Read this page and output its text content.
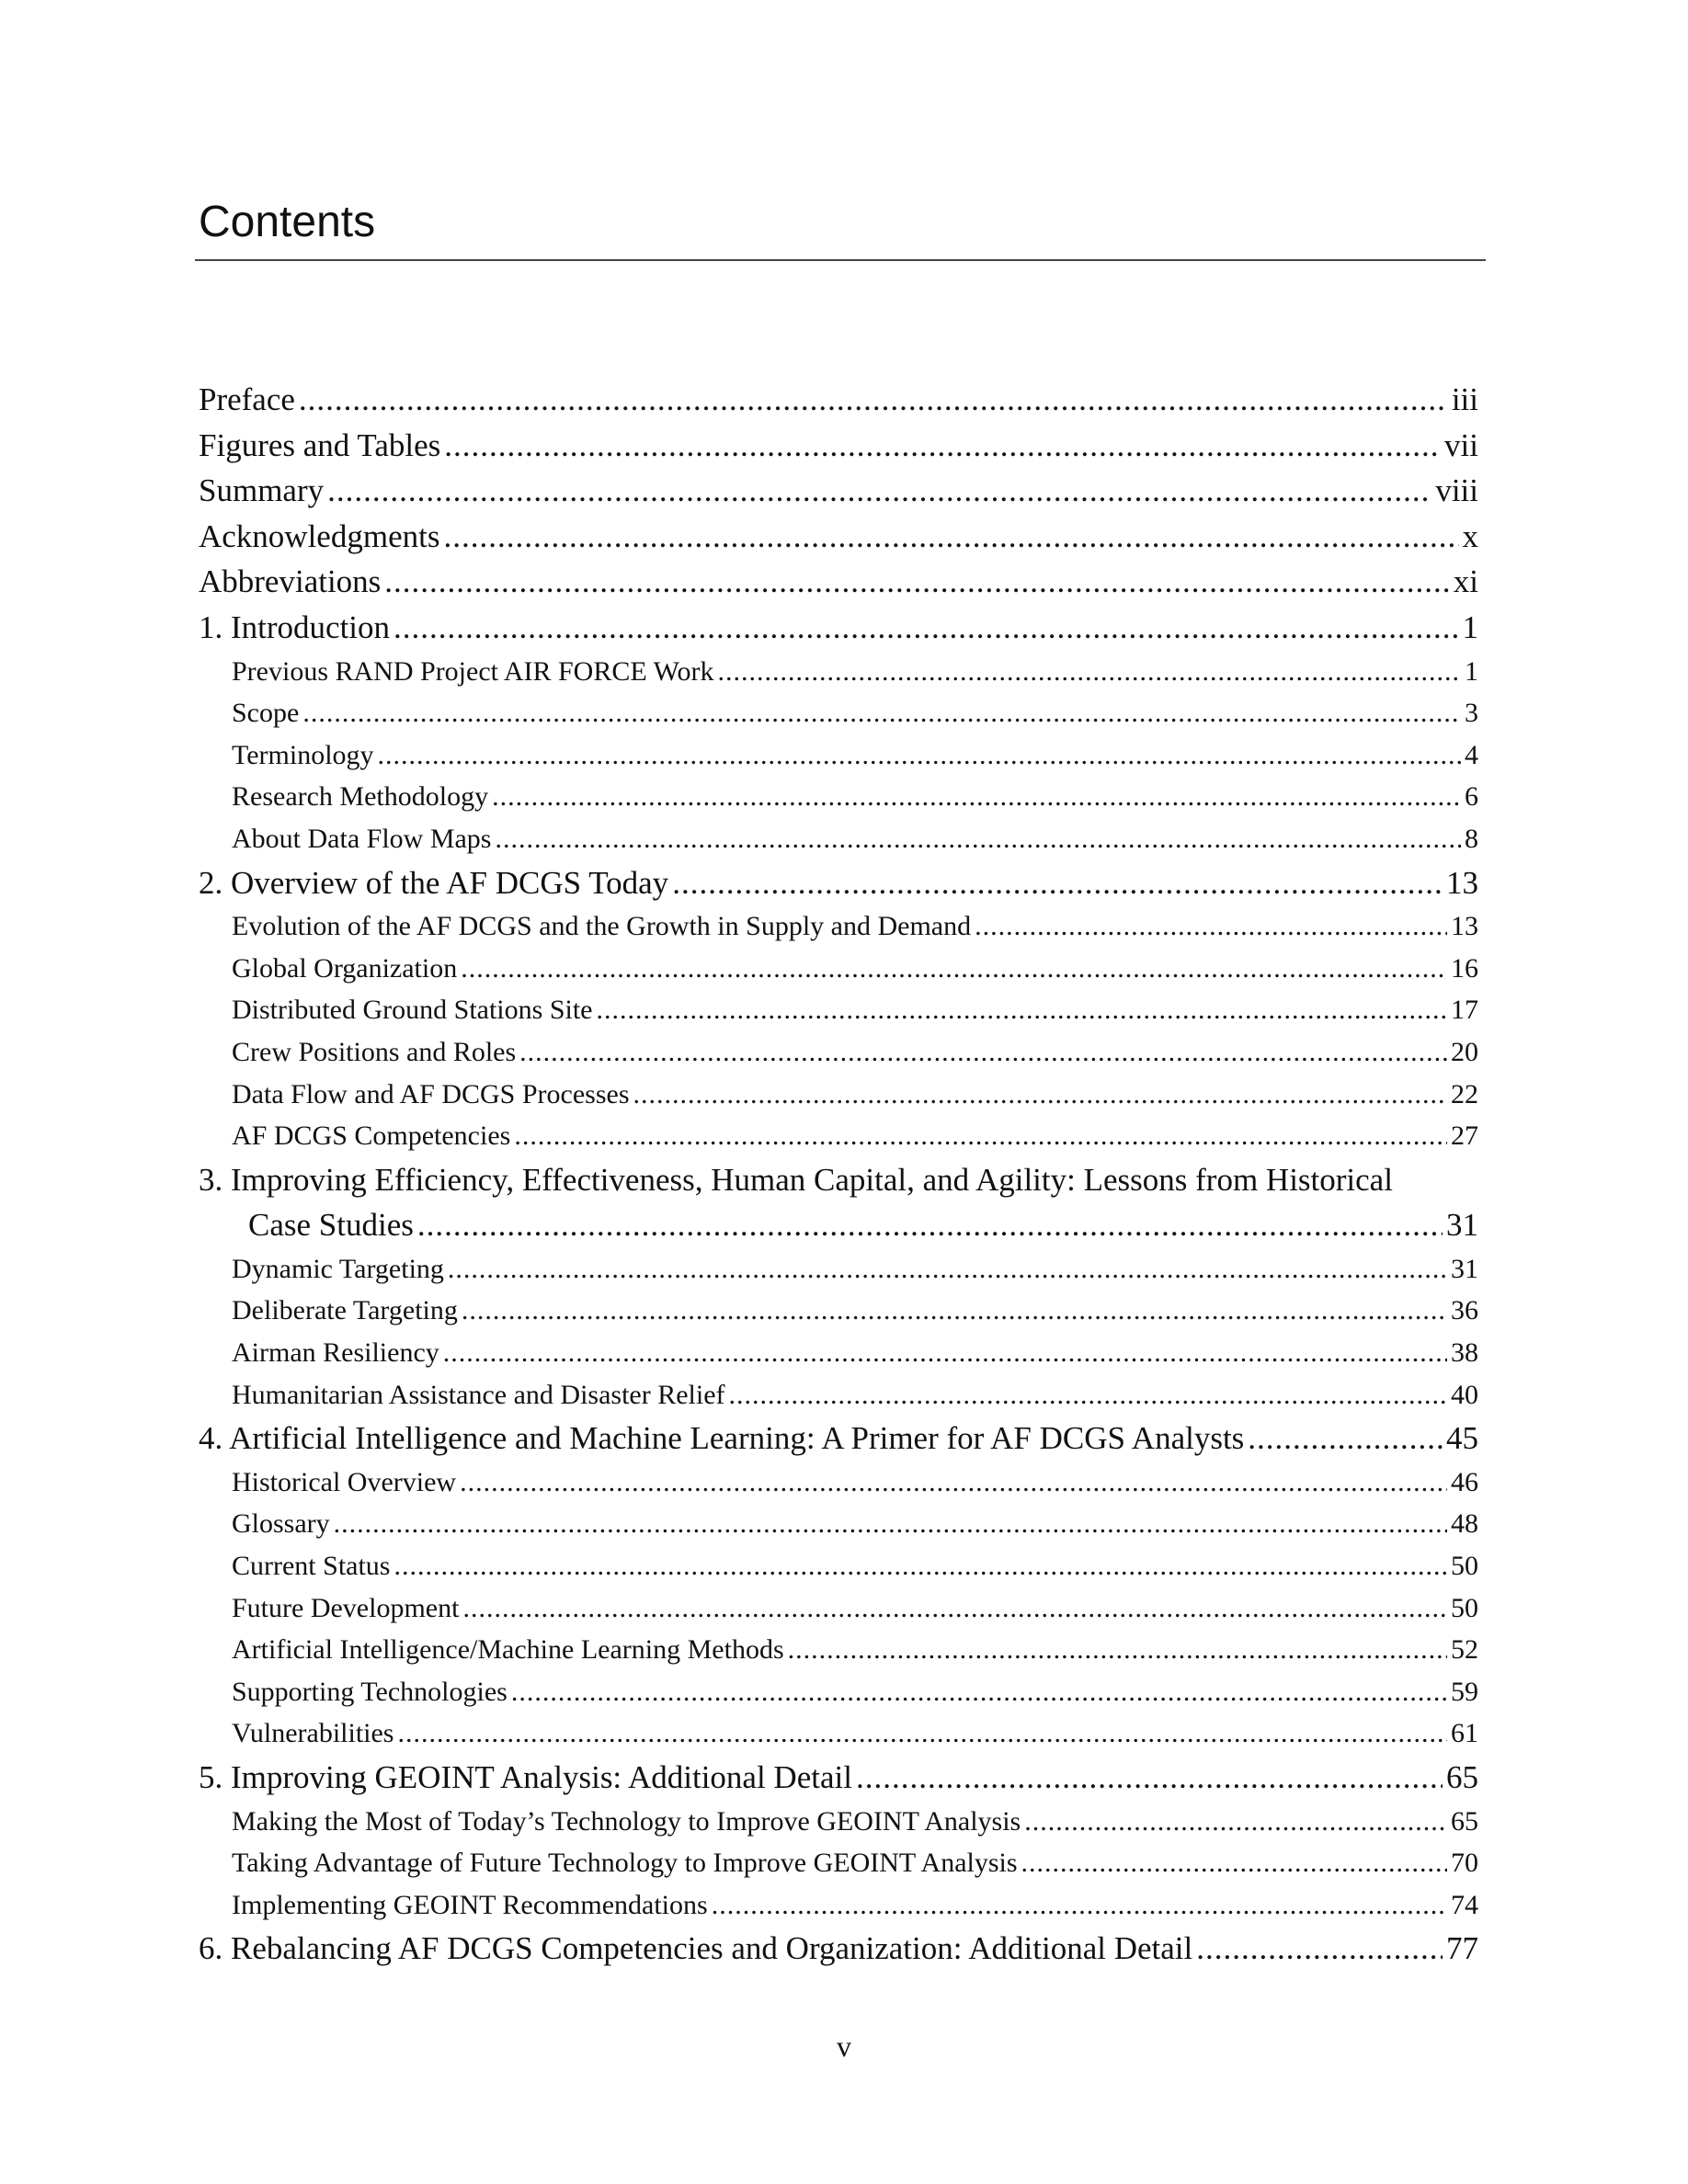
Contents
Preface .....	iii
Figures and Tables .....	vii
Summary .....	viii
Acknowledgments .....	x
Abbreviations .....	xi
1. Introduction .....	1
Previous RAND Project AIR FORCE Work .....	1
Scope .....	3
Terminology .....	4
Research Methodology .....	6
About Data Flow Maps .....	8
2. Overview of the AF DCGS Today .....	13
Evolution of the AF DCGS and the Growth in Supply and Demand .....	13
Global Organization .....	16
Distributed Ground Stations Site .....	17
Crew Positions and Roles .....	20
Data Flow and AF DCGS Processes .....	22
AF DCGS Competencies .....	27
3. Improving Efficiency, Effectiveness, Human Capital, and Agility: Lessons from Historical
Case Studies .....	31
Dynamic Targeting .....	31
Deliberate Targeting .....	36
Airman Resiliency .....	38
Humanitarian Assistance and Disaster Relief .....	40
4. Artificial Intelligence and Machine Learning: A Primer for AF DCGS Analysts .....	45
Historical Overview .....	46
Glossary .....	48
Current Status .....	50
Future Development .....	50
Artificial Intelligence/Machine Learning Methods .....	52
Supporting Technologies .....	59
Vulnerabilities .....	61
5. Improving GEOINT Analysis: Additional Detail .....	65
Making the Most of Today’s Technology to Improve GEOINT Analysis .....	65
Taking Advantage of Future Technology to Improve GEOINT Analysis .....	70
Implementing GEOINT Recommendations .....	74
6. Rebalancing AF DCGS Competencies and Organization: Additional Detail .....	77
v
